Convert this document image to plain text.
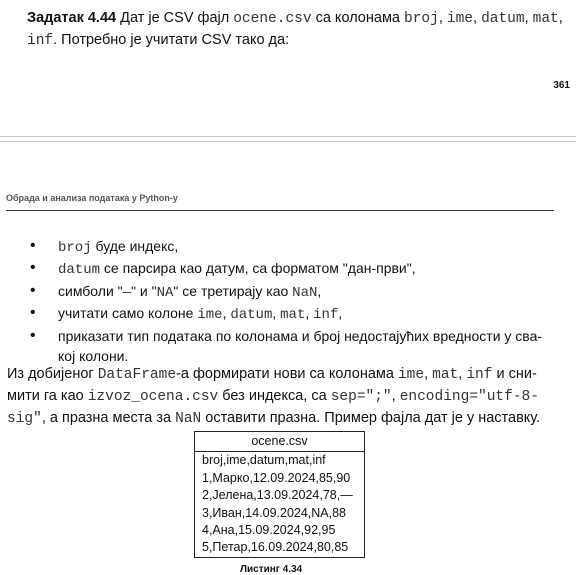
Задатак 4.44 Дат је CSV фајл ocene.csv са колонама broj, ime, datum, mat, inf. Потребно је учитати CSV тако да:
361
Обрада и анализа података у Python-у
• broj буде индекс,
• datum се парсира као датум, са форматом "дан-први",
• симболи "—" и "NA" се третирају као NaN,
• учитати само колоне ime, datum, mat, inf,
• приказати тип података по колонама и број недостајућих вредности у сва-кој колони.
Из добијеног DataFrame-а формирати нови са колонама ime, mat, inf и сни-мити га као izvoz_ocena.csv без индекса, са sep=";", encoding="utf-8-sig", а празна места за NaN оставити празна. Пример фајла дат је у наставку.
ocene.csv
broj,ime,datum,mat,inf
1,Марко,12.09.2024,85,90
2,Јелена,13.09.2024,78,—
3,Иван,14.09.2024,NA,88
4,Ана,15.09.2024,92,95
5,Петар,16.09.2024,80,85
Листинг 4.34
